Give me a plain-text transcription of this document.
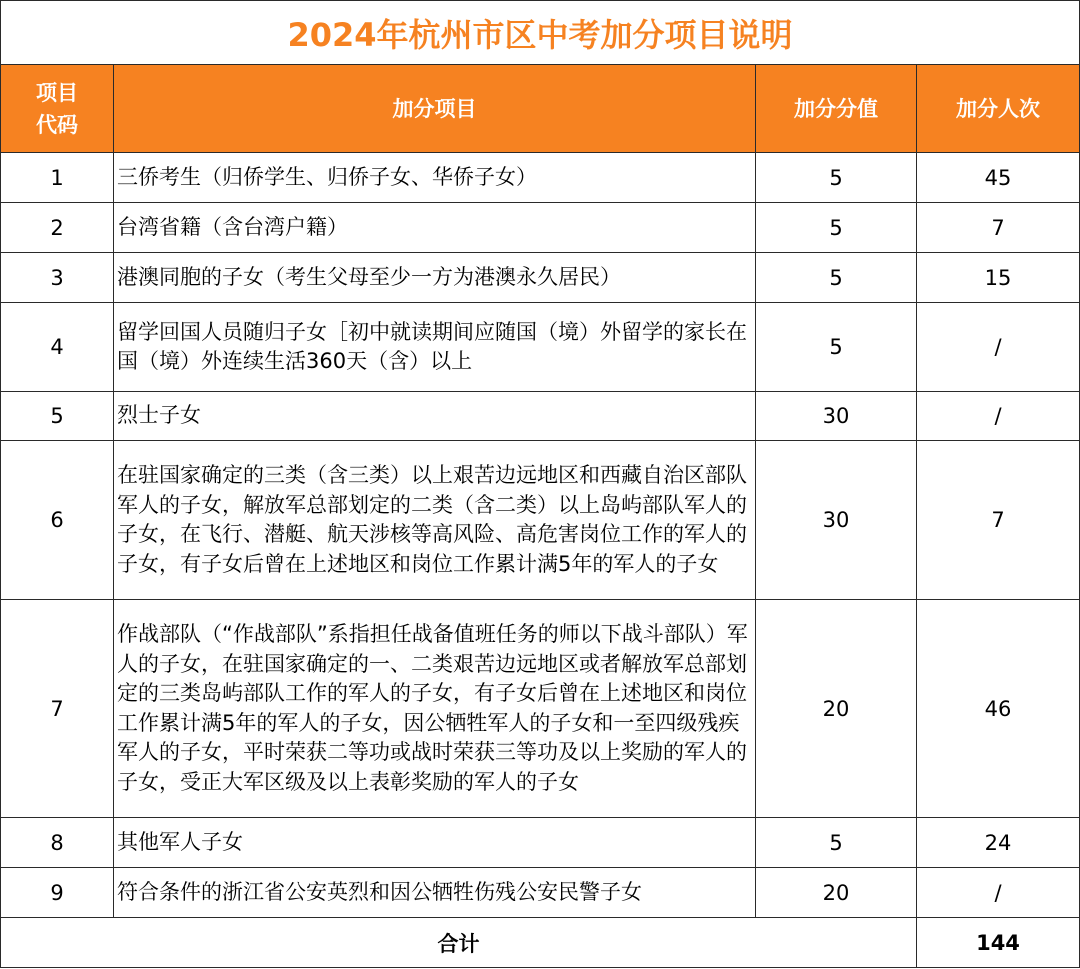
2024年杭州市区中考加分项目说明			

项目
代码	加分项目	加分分值	加分人次
1	三侨考生（归侨学生、归侨子女、华侨子女）	5	45
2	台湾省籍（含台湾户籍）	5	7
3	港澳同胞的子女（考生父母至少一方为港澳永久居民）	5	15
4	留学回国人员随归子女［初中就读期间应随国（境）外留学的家长在国（境）外连续生活360天（含）以上	5	/
5	烈士子女	30	/
6	在驻国家确定的三类（含三类）以上艰苦边远地区和西藏自治区部队军人的子女，解放军总部划定的二类（含二类）以上岛屿部队军人的子女，在飞行、潜艇、航天涉核等高风险、高危害岗位工作的军人的子女，有子女后曾在上述地区和岗位工作累计满5年的军人的子女	30	7
7	作战部队（“作战部队”系指担任战备值班任务的师以下战斗部队）军人的子女，在驻国家确定的一、二类艰苦边远地区或者解放军总部划定的三类岛屿部队工作的军人的子女，有子女后曾在上述地区和岗位工作累计满5年的军人的子女，因公牺牲军人的子女和一至四级残疾军人的子女，平时荣获二等功或战时荣获三等功及以上奖励的军人的子女，受正大军区级及以上表彰奖励的军人的子女	20	46
8	其他军人子女	5	24
9	符合条件的浙江省公安英烈和因公牺牲伤残公安民警子女	20	/
合计			144
